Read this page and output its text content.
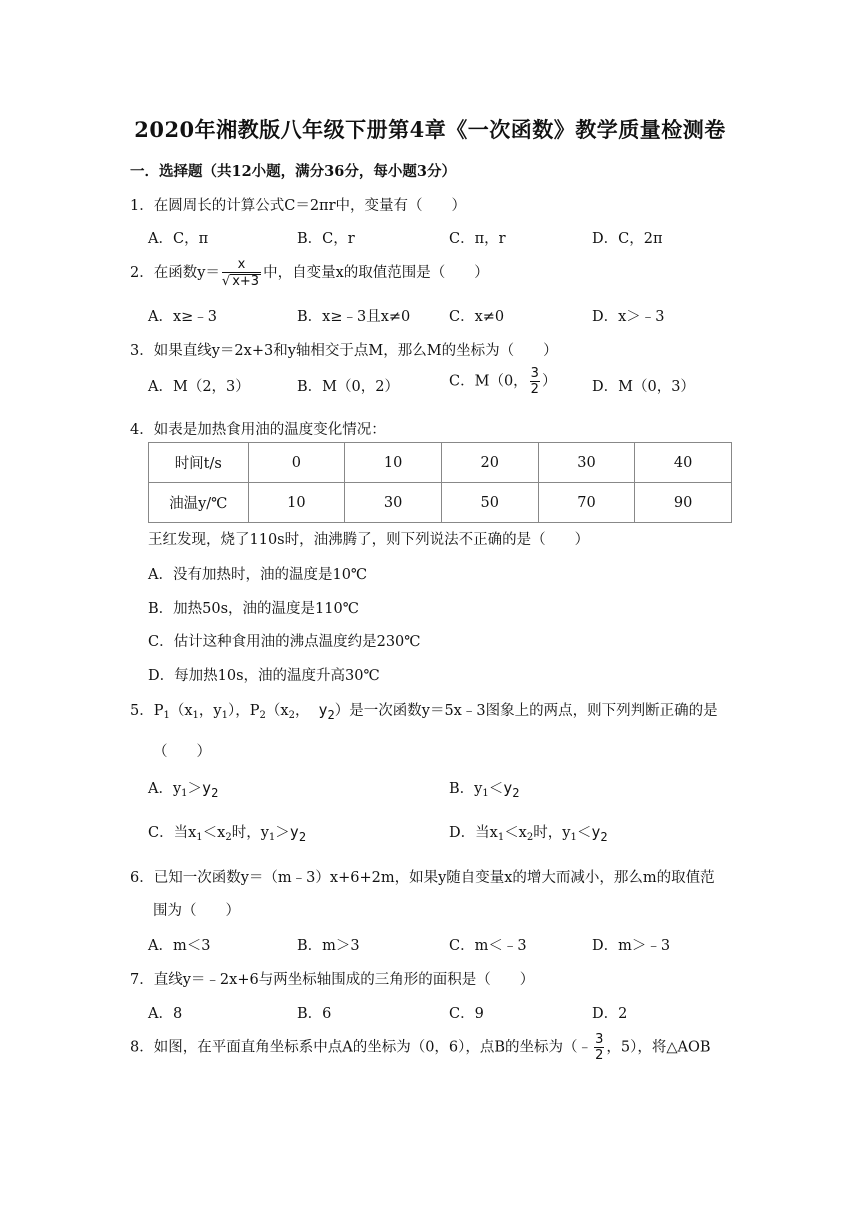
2020年湘教版八年级下册第4章《一次函数》教学质量检测卷
一．选择题（共12小题，满分36分，每小题3分）
1．在圆周长的计算公式C＝2πr中，变量有（　　）
A．C，π	B．C，r	C．π，r	D．C，2π
2．在函数$y= \frac{x}{√ x+3}$ 中，自变量x的取值范围是（　　）
A．x≥﹣3	B．x≥﹣3且x≠0	C．x≠0	D．x＞﹣3
3．如果直线y＝2x+3和y轴相交于点M，那么M的坐标为（　　）
A．M（2，3）	B．M（0，2）	C．M（0， $\frac{3}{2}$ ） D．M（0，3）
4．如表是加热食用油的温度变化情况：
时间t/s	0	10	20	30	40
油温y/℃	10	30	50	70	90
王红发现，烧了110s时，油沸腾了，则下列说法不正确的是（　　）
A．没有加热时，油的温度是10℃
B．加热50s，油的温度是110℃
C．估计这种食用油的沸点温度约是230℃
D．每加热10s，油的温度升高30℃
5．$P_1(x_1$，$y_1$），$P_2(x_2$， $y_2$）是一次函数y＝5x﹣3图象上的两点，则下列判断正确的是
（　　）
A．$y_1>y_2$	B．$y_1<y_2$
C．当$x_1<x_2$时，$y_1>y_2$	D．当$x_1<x_2$时，$y_1<y_2$
6．已知一次函数y＝（m﹣3）x+6+2m，如果y随自变量x的增大而减小，那么m的取值范
围为（　　）
A．m＜3	B．m＞3	C．m＜﹣3	D．m＞﹣3
7．直线y＝﹣2x+6与两坐标轴围成的三角形的面积是（　　）
A．8	B．6	C．9	D．2
8．如图，在平面直角坐标系中点A的坐标为（0，6），点B的坐标为（﹣ $\frac{3}{2}$ ，5），将△AOB
